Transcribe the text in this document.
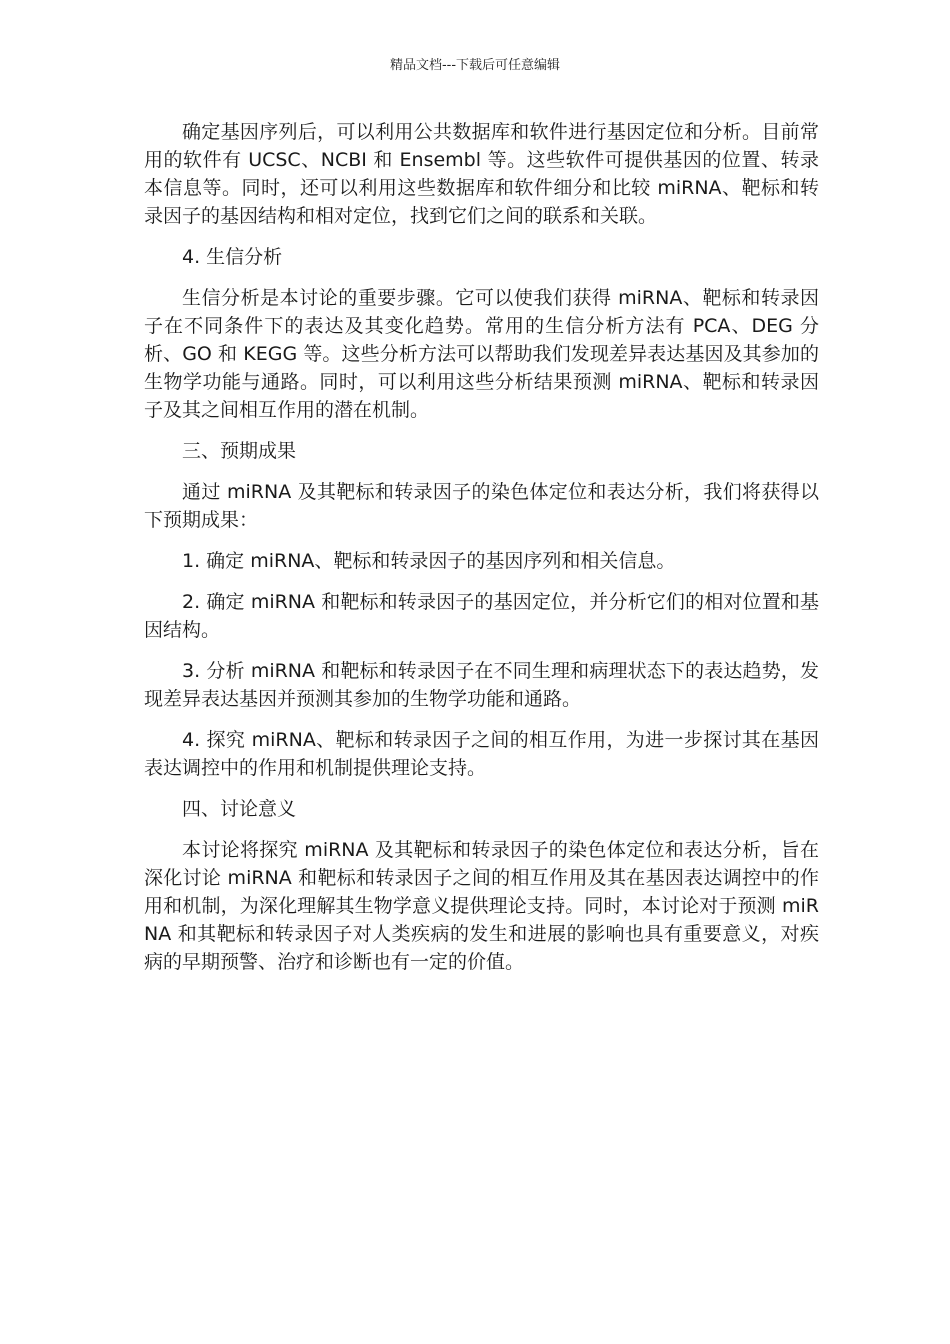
精品文档---下载后可任意编辑

确定基因序列后，可以利用公共数据库和软件进行基因定位和分析。目前常用的软件有 UCSC、NCBI 和 Ensembl 等。这些软件可提供基因的位置、转录本信息等。同时，还可以利用这些数据库和软件细分和比较 miRNA、靶标和转录因子的基因结构和相对定位，找到它们之间的联系和关联。

4. 生信分析

生信分析是本讨论的重要步骤。它可以使我们获得 miRNA、靶标和转录因子在不同条件下的表达及其变化趋势。常用的生信分析方法有 PCA、DEG 分析、GO 和 KEGG 等。这些分析方法可以帮助我们发现差异表达基因及其参加的生物学功能与通路。同时，可以利用这些分析结果预测 miRNA、靶标和转录因子及其之间相互作用的潜在机制。

三、预期成果

通过 miRNA 及其靶标和转录因子的染色体定位和表达分析，我们将获得以下预期成果：

1. 确定 miRNA、靶标和转录因子的基因序列和相关信息。

2. 确定 miRNA 和靶标和转录因子的基因定位，并分析它们的相对位置和基因结构。

3. 分析 miRNA 和靶标和转录因子在不同生理和病理状态下的表达趋势，发现差异表达基因并预测其参加的生物学功能和通路。

4. 探究 miRNA、靶标和转录因子之间的相互作用，为进一步探讨其在基因表达调控中的作用和机制提供理论支持。

四、讨论意义

本讨论将探究 miRNA 及其靶标和转录因子的染色体定位和表达分析，旨在深化讨论 miRNA 和靶标和转录因子之间的相互作用及其在基因表达调控中的作用和机制，为深化理解其生物学意义提供理论支持。同时，本讨论对于预测 miRNA 和其靶标和转录因子对人类疾病的发生和进展的影响也具有重要意义，对疾病的早期预警、治疗和诊断也有一定的价值。
